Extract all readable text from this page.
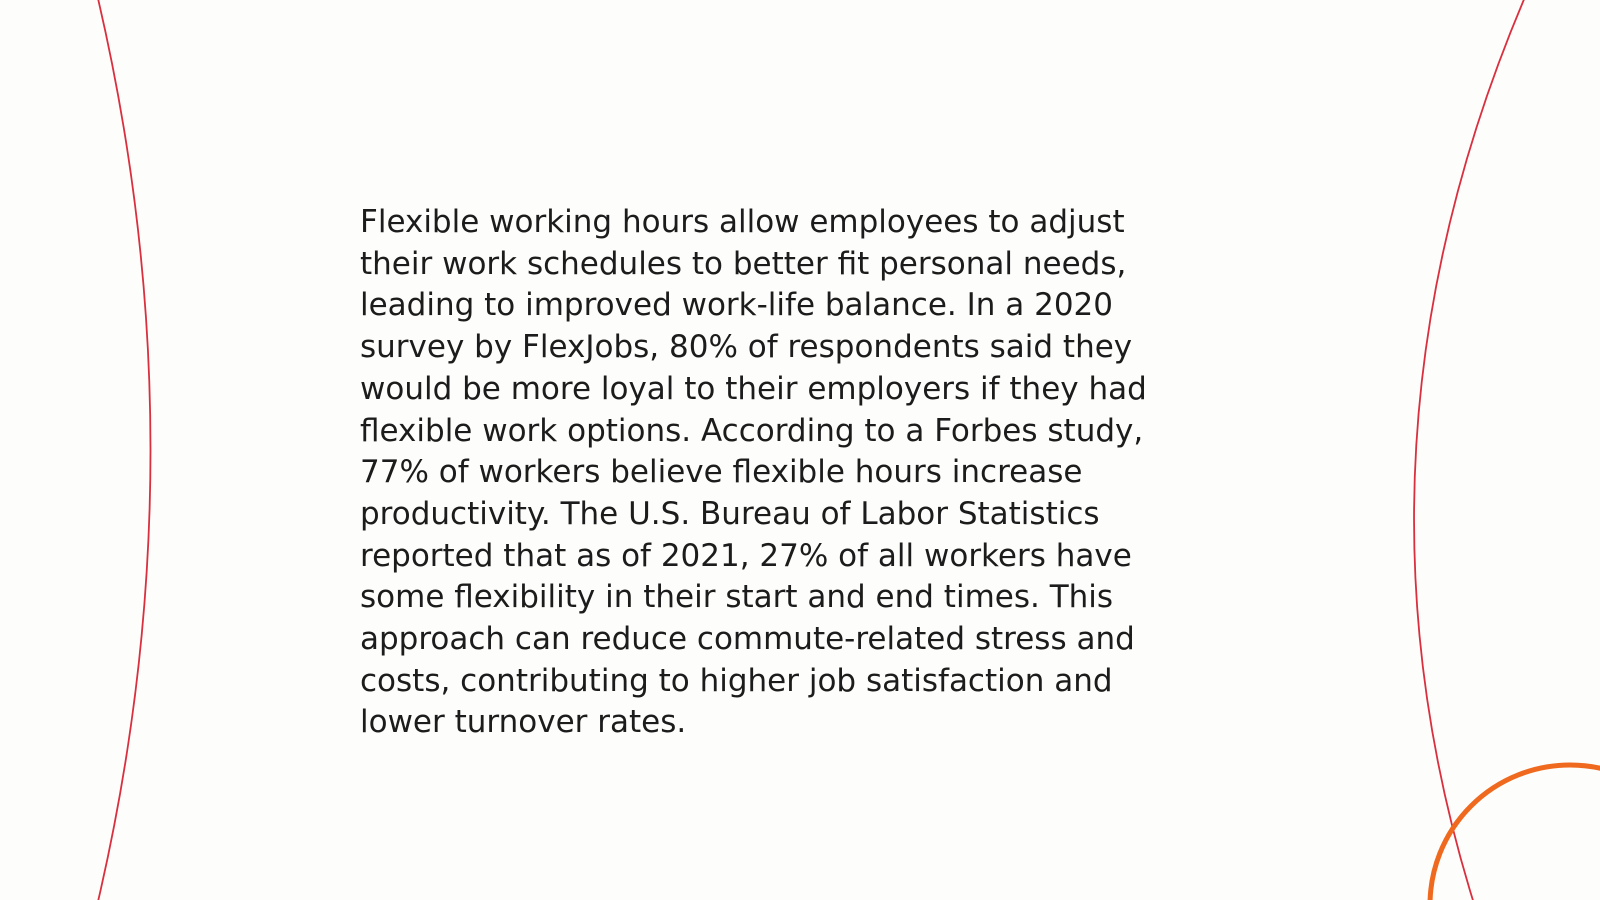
Flexible working hours allow employees to adjust
their work schedules to better fit personal needs,
leading to improved work-life balance. In a 2020
survey by FlexJobs, 80% of respondents said they
would be more loyal to their employers if they had
flexible work options. According to a Forbes study,
77% of workers believe flexible hours increase
productivity. The U.S. Bureau of Labor Statistics
reported that as of 2021, 27% of all workers have
some flexibility in their start and end times. This
approach can reduce commute-related stress and
costs, contributing to higher job satisfaction and
lower turnover rates.
